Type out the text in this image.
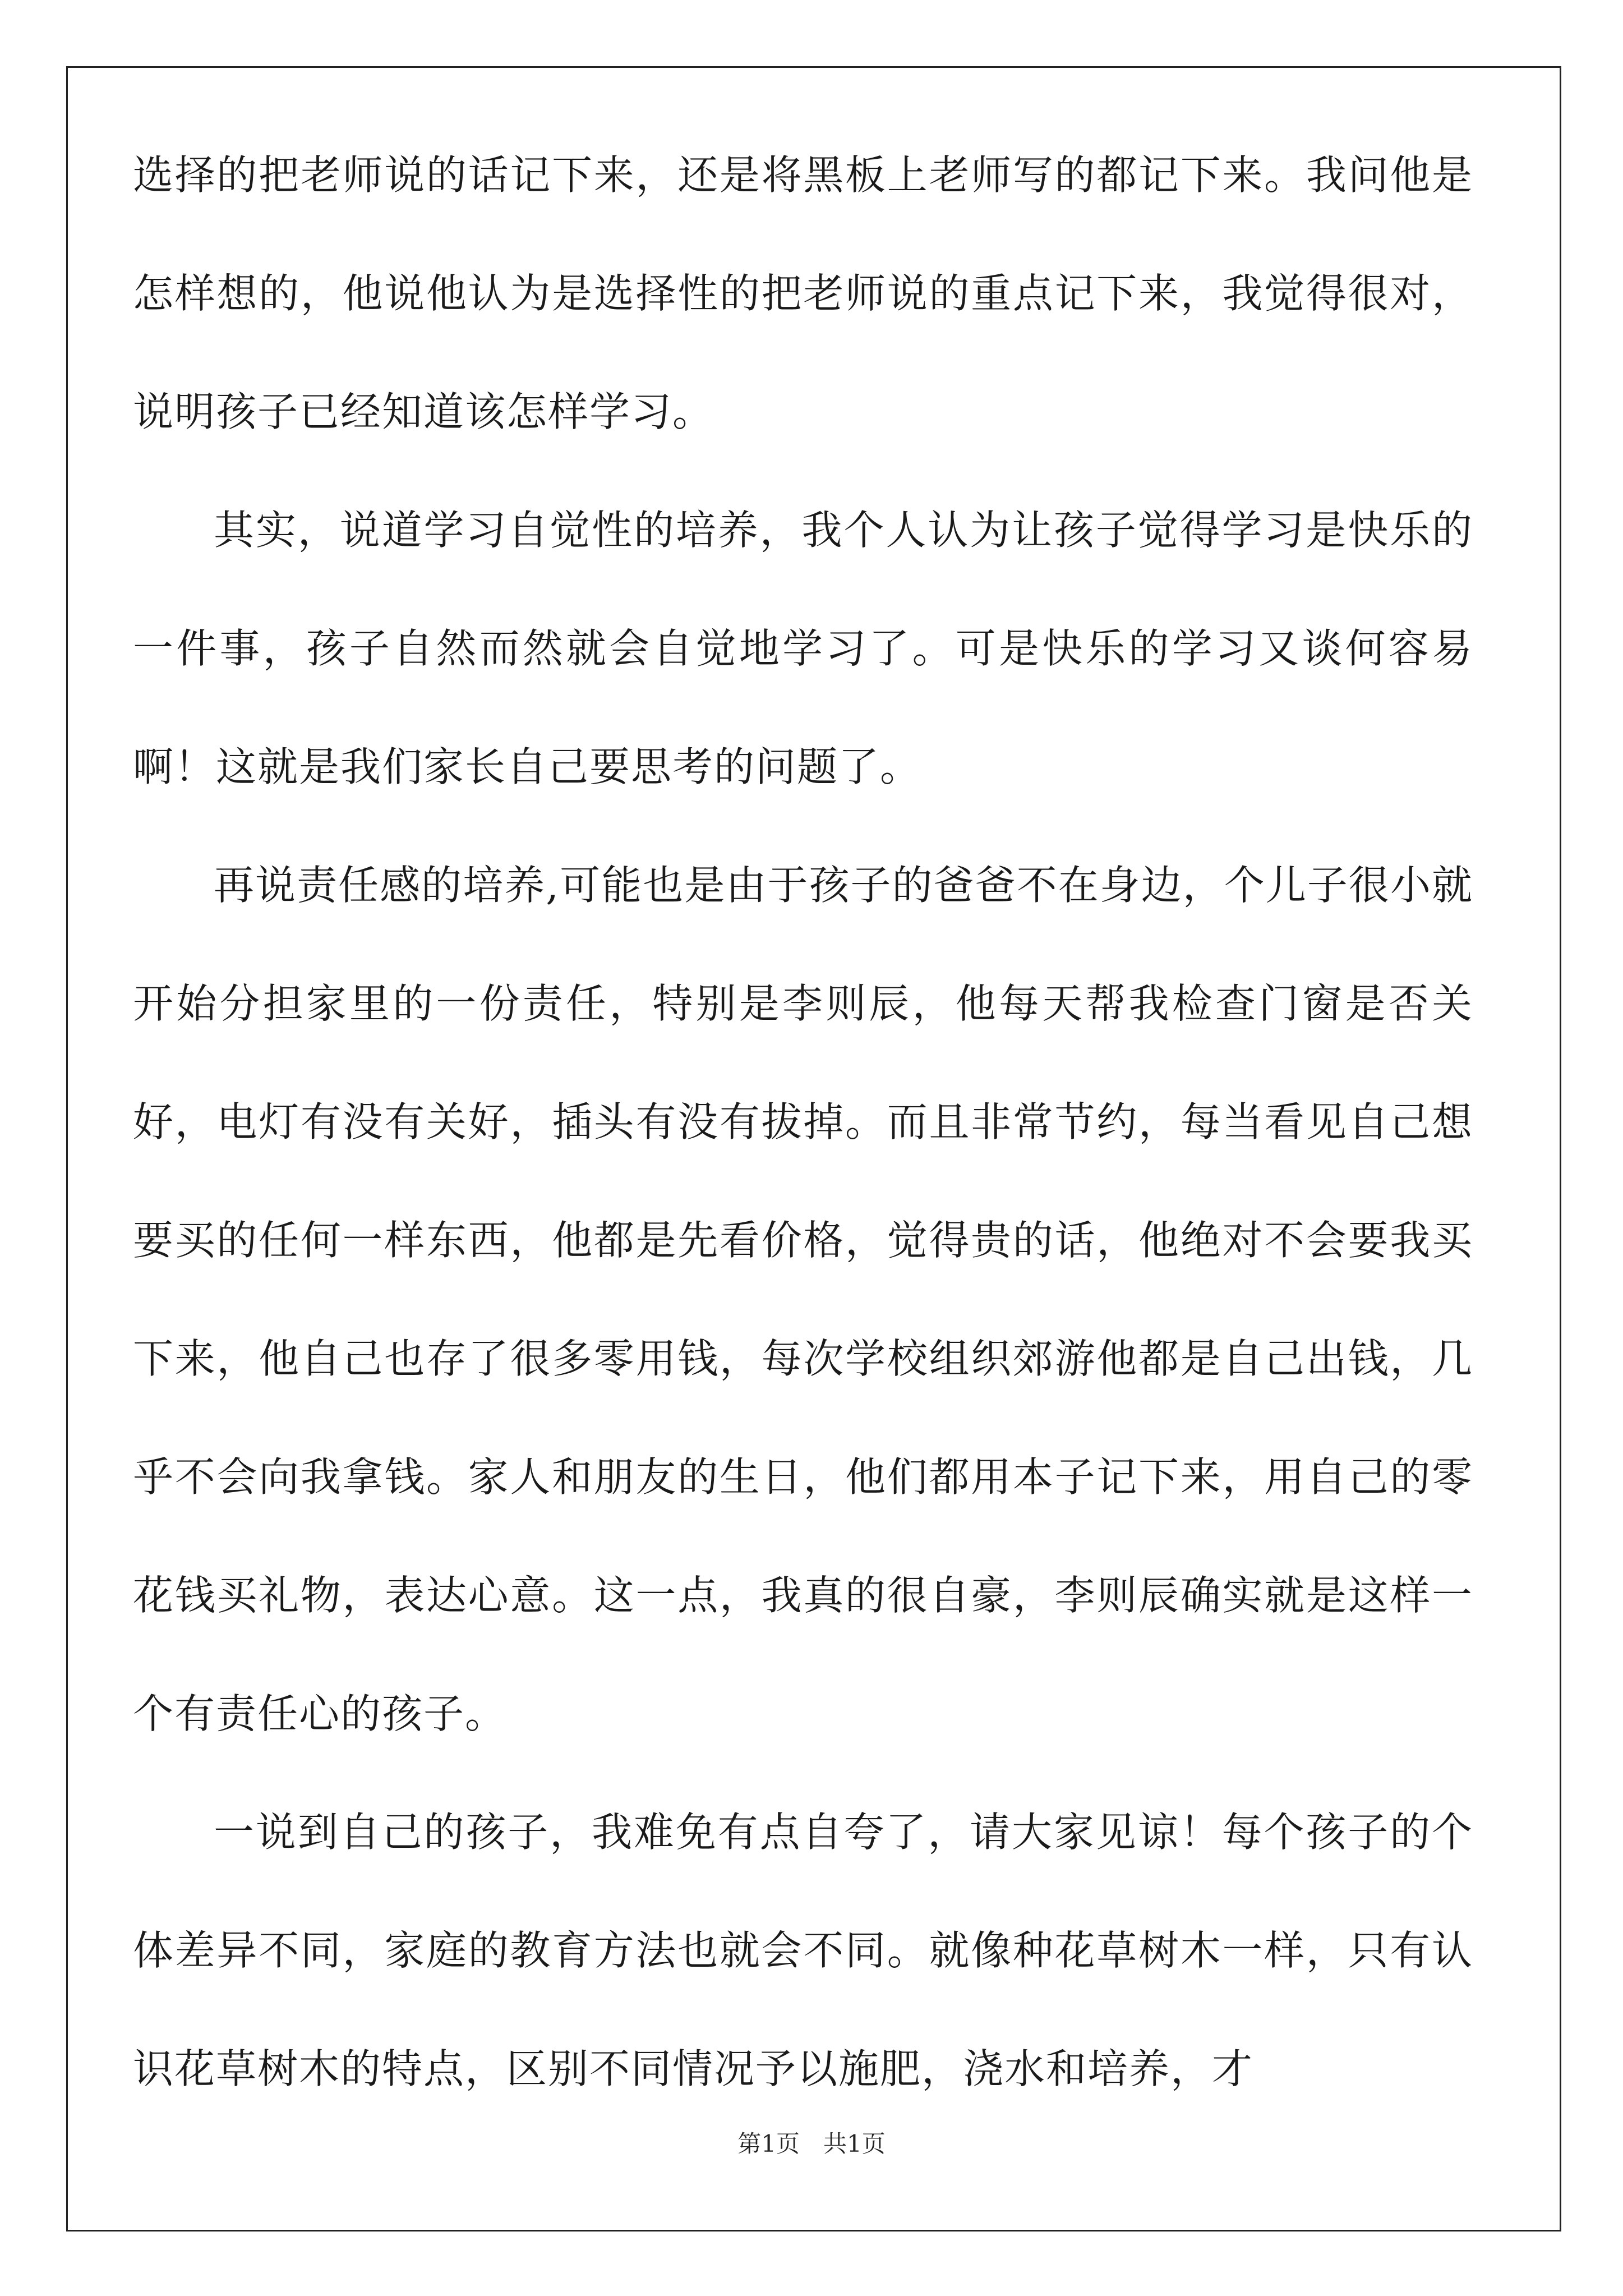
选择的把老师说的话记下来，还是将黑板上老师写的都记下来。我问他是怎样想的，他说他认为是选择性的把老师说的重点记下来，我觉得很对，说明孩子已经知道该怎样学习。

其实，说道学习自觉性的培养，我个人认为让孩子觉得学习是快乐的一件事，孩子自然而然就会自觉地学习了。可是快乐的学习又谈何容易啊！这就是我们家长自己要思考的问题了。

再说责任感的培养,可能也是由于孩子的爸爸不在身边，个儿子很小就开始分担家里的一份责任，特别是李则辰，他每天帮我检查门窗是否关好，电灯有没有关好，插头有没有拔掉。而且非常节约，每当看见自己想要买的任何一样东西，他都是先看价格，觉得贵的话，他绝对不会要我买下来，他自己也存了很多零用钱，每次学校组织郊游他都是自己出钱，几乎不会向我拿钱。家人和朋友的生日，他们都用本子记下来，用自己的零花钱买礼物，表达心意。这一点，我真的很自豪，李则辰确实就是这样一个有责任心的孩子。

一说到自己的孩子，我难免有点自夸了，请大家见谅！每个孩子的个体差异不同，家庭的教育方法也就会不同。就像种花草树木一样，只有认识花草树木的特点，区别不同情况予以施肥，浇水和培养，才

第1页　共1页
